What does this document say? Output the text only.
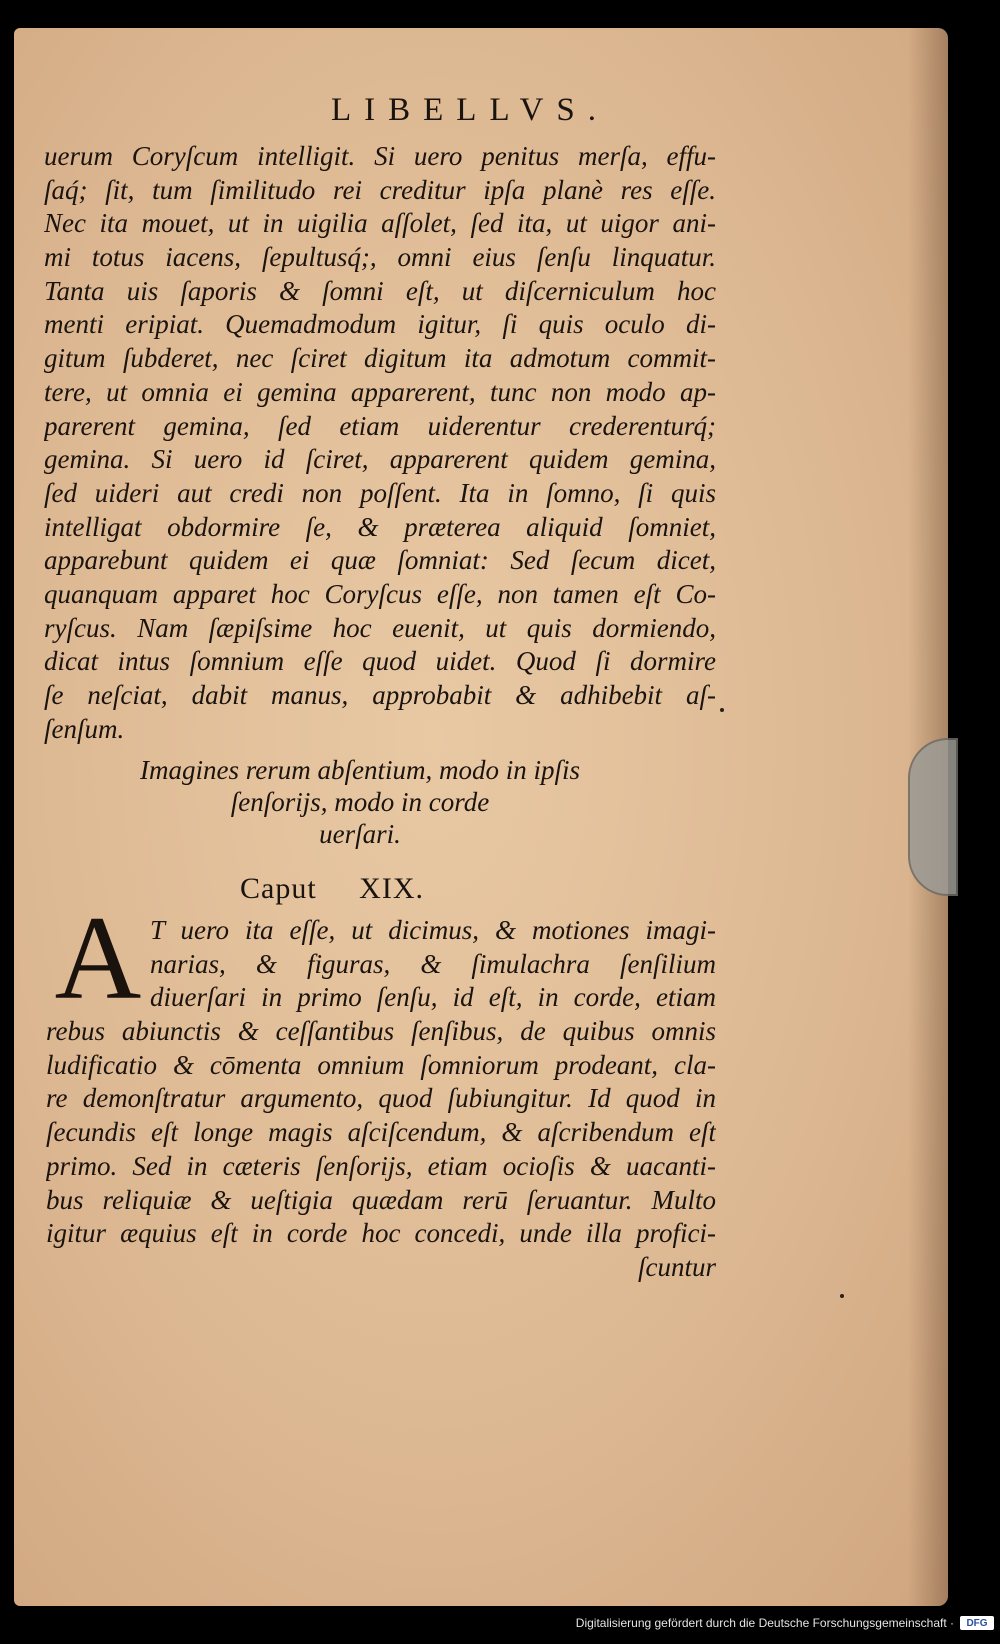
LIBELLVS.
uerum Coryſcum intelligit. Si uero penitus merſa, effu-
ſaq́; ſit, tum ſimilitudo rei creditur ipſa planè res eſſe.
Nec ita mouet, ut in uigilia aſſolet, ſed ita, ut uigor ani-
mi totus iacens, ſepultusq́;, omni eius ſenſu linquatur.
Tanta uis ſaporis & ſomni eſt, ut diſcerniculum hoc
menti eripiat. Quemadmodum igitur, ſi quis oculo di-
gitum ſubderet, nec ſciret digitum ita admotum commit-
tere, ut omnia ei gemina apparerent, tunc non modo ap-
parerent gemina, ſed etiam uiderentur crederenturq́;
gemina. Si uero id ſciret, apparerent quidem gemina,
ſed uideri aut credi non poſſent. Ita in ſomno, ſi quis
intelligat obdormire ſe, & præterea aliquid ſomniet,
apparebunt quidem ei quæ ſomniat: Sed ſecum dicet,
quanquam apparet hoc Coryſcus eſſe, non tamen eſt Co-
ryſcus. Nam ſæpiſsime hoc euenit, ut quis dormiendo,
dicat intus ſomnium eſſe quod uidet. Quod ſi dormire
ſe neſciat, dabit manus, approbabit & adhibebit aſ-
ſenſum.
Imagines rerum abſentium, modo in ipſis
ſenſorijs, modo in corde
uerſari.
Caput XIX.
A T uero ita eſſe, ut dicimus, & motiones imagi-
narias, & figuras, & ſimulachra ſenſilium
diuerſari in primo ſenſu, id eſt, in corde, etiam
rebus abiunctis & ceſſantibus ſenſibus, de quibus omnis
ludificatio & cōmenta omnium ſomniorum prodeant, cla-
re demonſtratur argumento, quod ſubiungitur. Id quod in
ſecundis eſt longe magis aſciſcendum, & aſcribendum eſt
primo. Sed in cæteris ſenſorijs, etiam ocioſis & uacanti-
bus reliquiæ & ueſtigia quædam rerū ſeruantur. Multo
igitur æquius eſt in corde hoc concedi, unde illa profici-
ſcuntur
Digitalisierung gefördert durch die Deutsche Forschungsgemeinschaft ·	DFG
